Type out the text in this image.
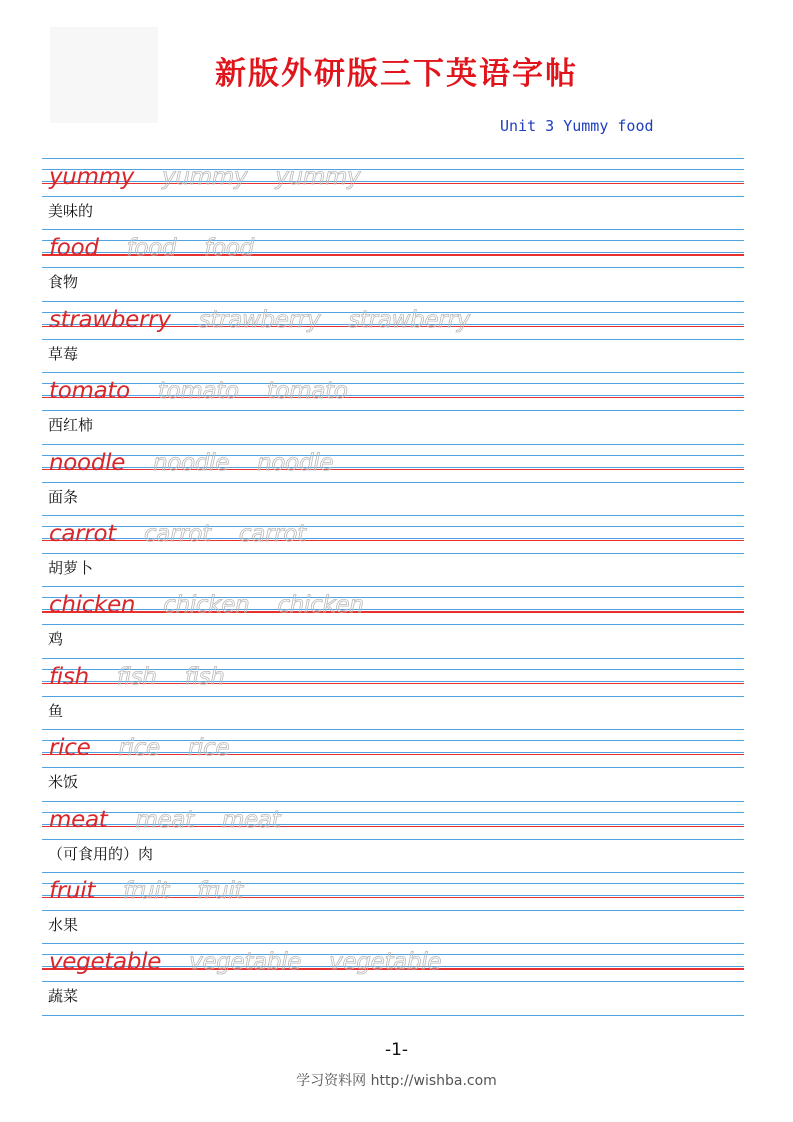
新版外研版三下英语字帖
Unit 3 Yummy food
yummy yummy yummy
美味的
food food food
食物
strawberry strawberry strawberry
草莓
tomato tomato tomato
西红柿
noodle noodle noodle
面条
carrot carrot carrot
胡萝卜
chicken chicken chicken
鸡
fish fish fish
鱼
rice rice rice
米饭
meat meat meat
（可食用的）肉
fruit fruit fruit
水果
vegetable vegetable vegetable
蔬菜
-1-
学习资料网 http://wishba.com
